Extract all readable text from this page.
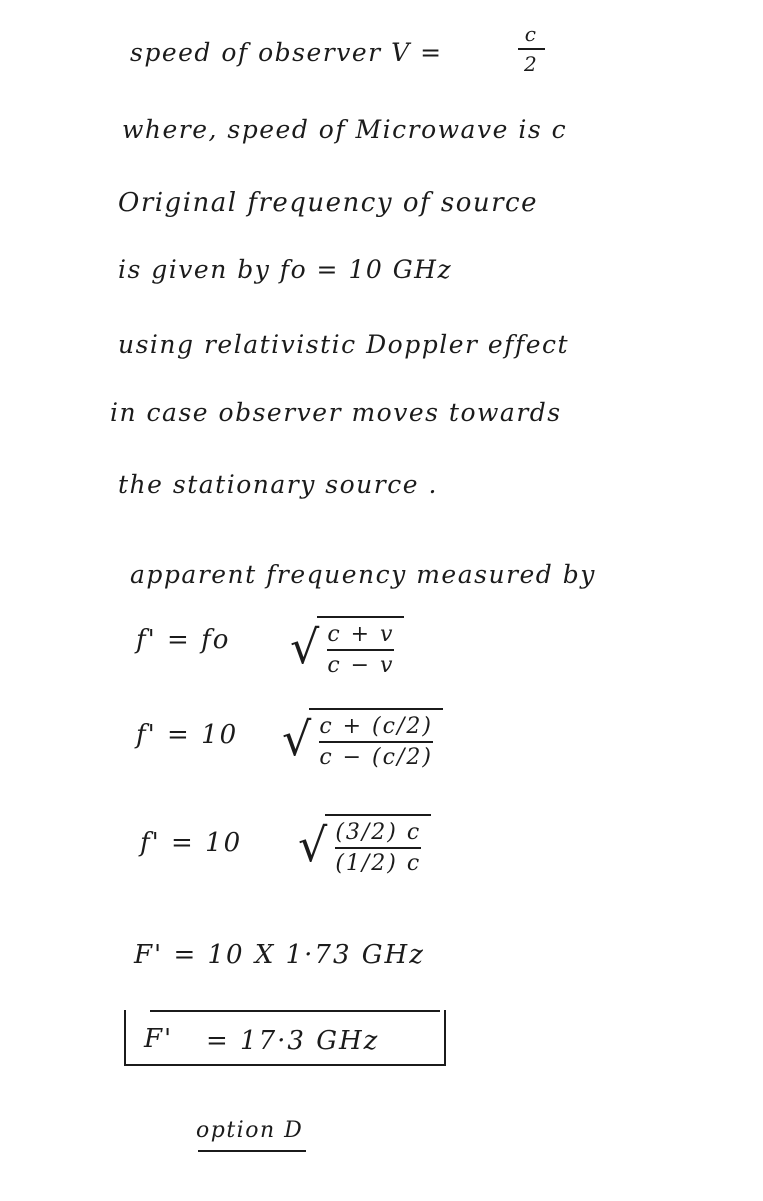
speed of observer V =
c
2
where, speed of Microwave is c
Original frequency of source
is given by fo = 10 GHz
using relativistic Doppler effect
in case observer moves towards
the stationary source .
apparent frequency measured by
f' = fo √ c + v
c − v
f' = 10 √ c + (c/2)
c − (c/2)
f' = 10 √ (3/2) c
(1/2) c
F' = 10 X 1·73 GHz
F' = 17·3 GHz
option D
